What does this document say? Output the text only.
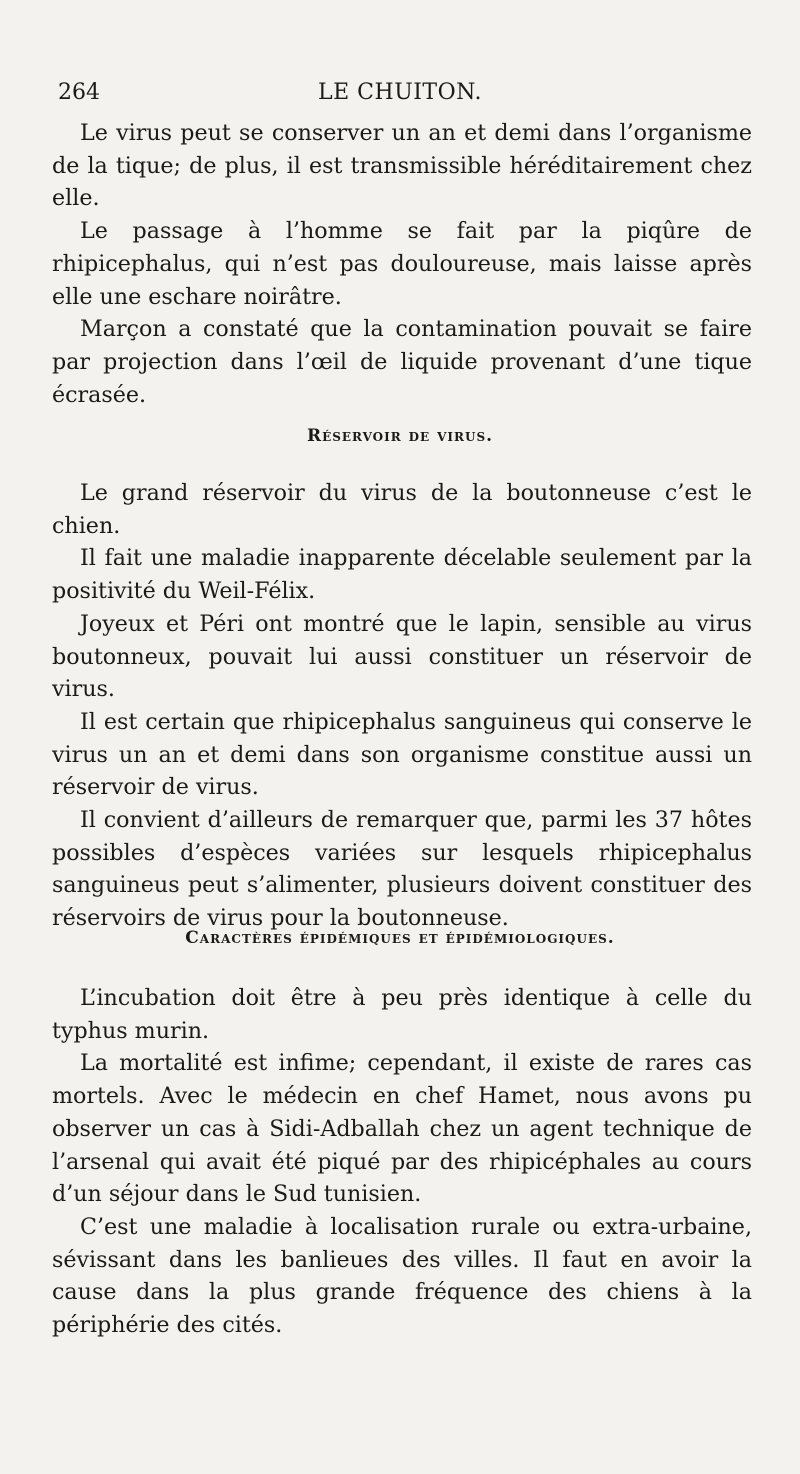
264	LE CHUITON.

Le virus peut se conserver un an et demi dans l’organisme de la tique; de plus, il est transmissible héréditairement chez elle.

Le passage à l’homme se fait par la piqûre de rhipicephalus, qui n’est pas douloureuse, mais laisse après elle une eschare noirâtre.

Marçon a constaté que la contamination pouvait se faire par projection dans l’œil de liquide provenant d’une tique écrasée.

Réservoir de virus.

Le grand réservoir du virus de la boutonneuse c’est le chien.

Il fait une maladie inapparente décelable seulement par la positivité du Weil-Félix.

Joyeux et Péri ont montré que le lapin, sensible au virus boutonneux, pouvait lui aussi constituer un réservoir de virus.

Il est certain que rhipicephalus sanguineus qui conserve le virus un an et demi dans son organisme constitue aussi un réservoir de virus.

Il convient d’ailleurs de remarquer que, parmi les 37 hôtes possibles d’espèces variées sur lesquels rhipicephalus sanguineus peut s’alimenter, plusieurs doivent constituer des réservoirs de virus pour la boutonneuse.

Caractères épidémiques et épidémiologiques.

L’incubation doit être à peu près identique à celle du typhus murin.

La mortalité est infime; cependant, il existe de rares cas mortels. Avec le médecin en chef Hamet, nous avons pu observer un cas à Sidi-Adballah chez un agent technique de l’arsenal qui avait été piqué par des rhipicéphales au cours d’un séjour dans le Sud tunisien.

C’est une maladie à localisation rurale ou extra-urbaine, sévissant dans les banlieues des villes. Il faut en avoir la cause dans la plus grande fréquence des chiens à la périphérie des cités.
